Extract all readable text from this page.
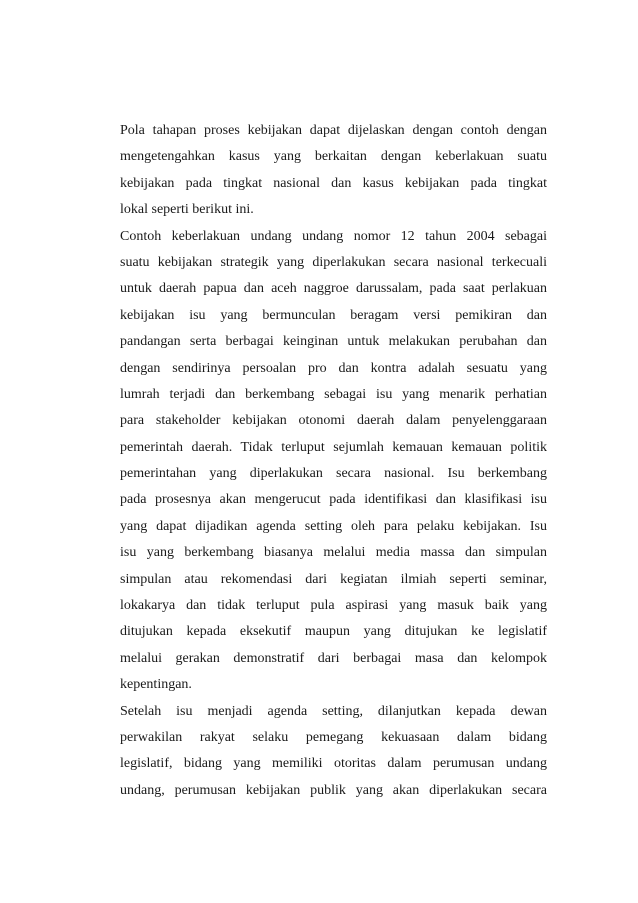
Pola tahapan proses kebijakan dapat dijelaskan dengan contoh dengan
mengetengahkan kasus yang berkaitan dengan keberlakuan suatu
kebijakan pada tingkat nasional dan kasus kebijakan pada tingkat
lokal seperti berikut ini.
Contoh keberlakuan undang undang nomor 12 tahun 2004 sebagai
suatu kebijakan strategik yang diperlakukan secara nasional terkecuali
untuk daerah papua dan aceh naggroe darussalam, pada saat perlakuan
kebijakan isu yang bermunculan beragam versi pemikiran dan
pandangan serta berbagai keinginan untuk melakukan perubahan dan
dengan sendirinya persoalan pro dan kontra adalah sesuatu yang
lumrah terjadi dan berkembang sebagai isu yang menarik perhatian
para stakeholder kebijakan otonomi daerah dalam penyelenggaraan
pemerintah daerah. Tidak terluput sejumlah kemauan kemauan politik
pemerintahan yang diperlakukan secara nasional. Isu berkembang
pada prosesnya akan mengerucut pada identifikasi dan klasifikasi isu
yang dapat dijadikan agenda setting oleh para pelaku kebijakan. Isu
isu yang berkembang biasanya melalui media massa dan simpulan
simpulan atau rekomendasi dari kegiatan ilmiah seperti seminar,
lokakarya dan tidak terluput pula aspirasi yang masuk baik yang
ditujukan kepada eksekutif maupun yang ditujukan ke legislatif
melalui gerakan demonstratif dari berbagai masa dan kelompok
kepentingan.
Setelah isu menjadi agenda setting, dilanjutkan kepada dewan
perwakilan rakyat selaku pemegang kekuasaan dalam bidang
legislatif, bidang yang memiliki otoritas dalam perumusan undang
undang, perumusan kebijakan publik yang akan diperlakukan secara
